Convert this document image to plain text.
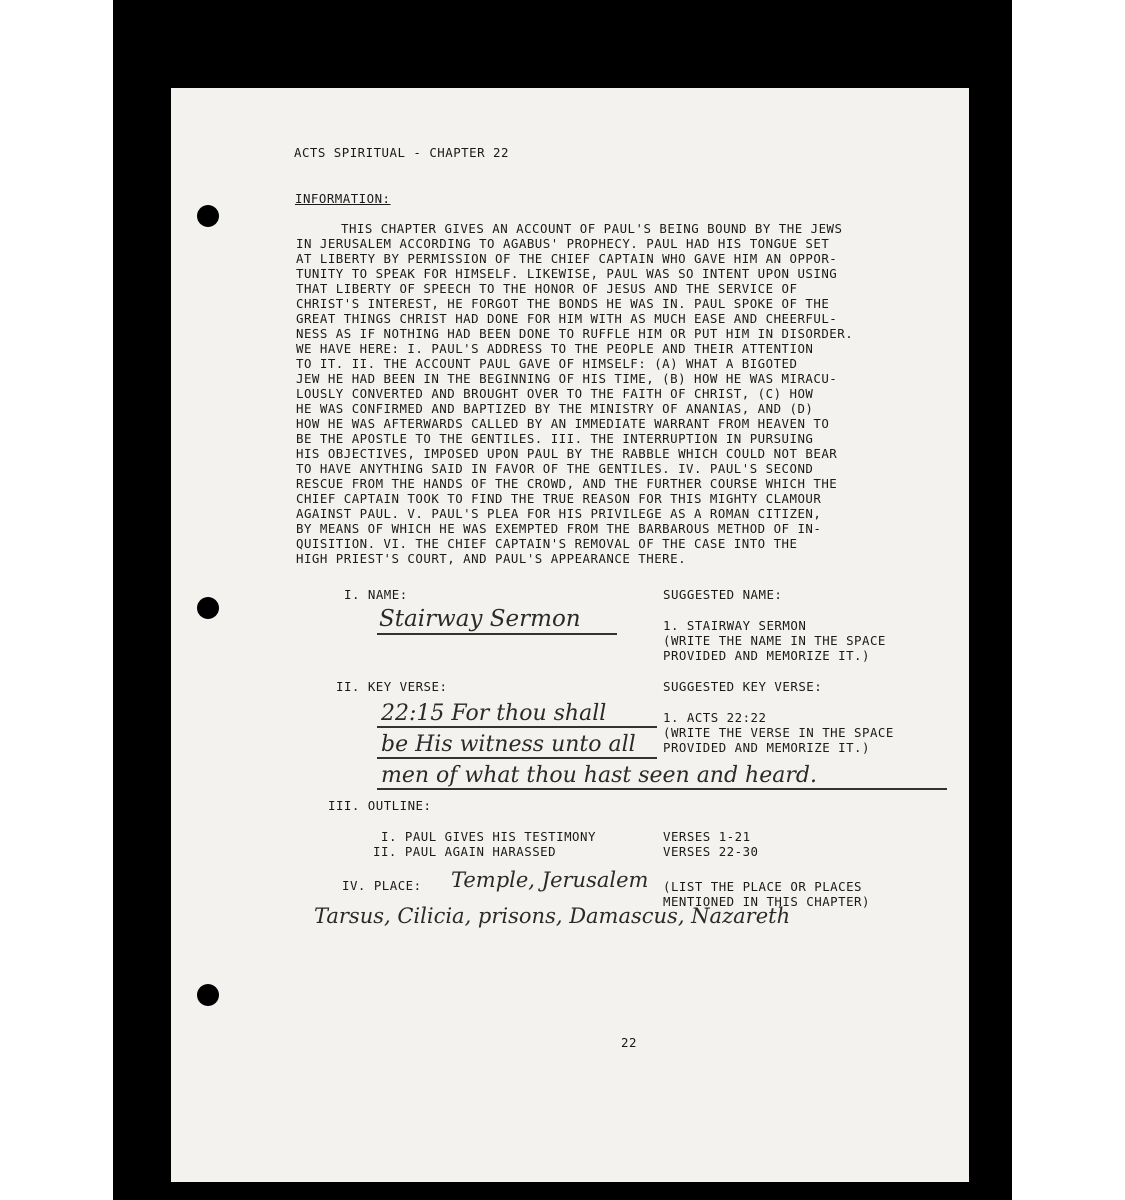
ACTS SPIRITUAL - CHAPTER 22
INFORMATION:
THIS CHAPTER GIVES AN ACCOUNT OF PAUL'S BEING BOUND BY THE JEWS
IN JERUSALEM ACCORDING TO AGABUS' PROPHECY. PAUL HAD HIS TONGUE SET
AT LIBERTY BY PERMISSION OF THE CHIEF CAPTAIN WHO GAVE HIM AN OPPOR-
TUNITY TO SPEAK FOR HIMSELF. LIKEWISE, PAUL WAS SO INTENT UPON USING
THAT LIBERTY OF SPEECH TO THE HONOR OF JESUS AND THE SERVICE OF
CHRIST'S INTEREST, HE FORGOT THE BONDS HE WAS IN. PAUL SPOKE OF THE
GREAT THINGS CHRIST HAD DONE FOR HIM WITH AS MUCH EASE AND CHEERFUL-
NESS AS IF NOTHING HAD BEEN DONE TO RUFFLE HIM OR PUT HIM IN DISORDER.
WE HAVE HERE: I. PAUL'S ADDRESS TO THE PEOPLE AND THEIR ATTENTION
TO IT. II. THE ACCOUNT PAUL GAVE OF HIMSELF: (A) WHAT A BIGOTED
JEW HE HAD BEEN IN THE BEGINNING OF HIS TIME, (B) HOW HE WAS MIRACU-
LOUSLY CONVERTED AND BROUGHT OVER TO THE FAITH OF CHRIST, (C) HOW
HE WAS CONFIRMED AND BAPTIZED BY THE MINISTRY OF ANANIAS, AND (D)
HOW HE WAS AFTERWARDS CALLED BY AN IMMEDIATE WARRANT FROM HEAVEN TO
BE THE APOSTLE TO THE GENTILES. III. THE INTERRUPTION IN PURSUING
HIS OBJECTIVES, IMPOSED UPON PAUL BY THE RABBLE WHICH COULD NOT BEAR
TO HAVE ANYTHING SAID IN FAVOR OF THE GENTILES. IV. PAUL'S SECOND
RESCUE FROM THE HANDS OF THE CROWD, AND THE FURTHER COURSE WHICH THE
CHIEF CAPTAIN TOOK TO FIND THE TRUE REASON FOR THIS MIGHTY CLAMOUR
AGAINST PAUL. V. PAUL'S PLEA FOR HIS PRIVILEGE AS A ROMAN CITIZEN,
BY MEANS OF WHICH HE WAS EXEMPTED FROM THE BARBAROUS METHOD OF IN-
QUISITION. VI. THE CHIEF CAPTAIN'S REMOVAL OF THE CASE INTO THE
HIGH PRIEST'S COURT, AND PAUL'S APPEARANCE THERE.
I. NAME:	SUGGESTED NAME:
Stairway Sermon	1. STAIRWAY SERMON
(WRITE THE NAME IN THE SPACE
PROVIDED AND MEMORIZE IT.)
II. KEY VERSE:	SUGGESTED KEY VERSE:
22:15 For thou shall
be His witness unto all
men of what thou hast seen and heard.
1. ACTS 22:22
(WRITE THE VERSE IN THE SPACE
PROVIDED AND MEMORIZE IT.)
III. OUTLINE:
I. PAUL GIVES HIS TESTIMONY	VERSES 1-21
II. PAUL AGAIN HARASSED	VERSES 22-30
IV. PLACE: Temple, Jerusalem (LIST THE PLACE OR PLACES
MENTIONED IN THIS CHAPTER)
Tarsus, Cilicia, prisons, Damascus, Nazareth
22
